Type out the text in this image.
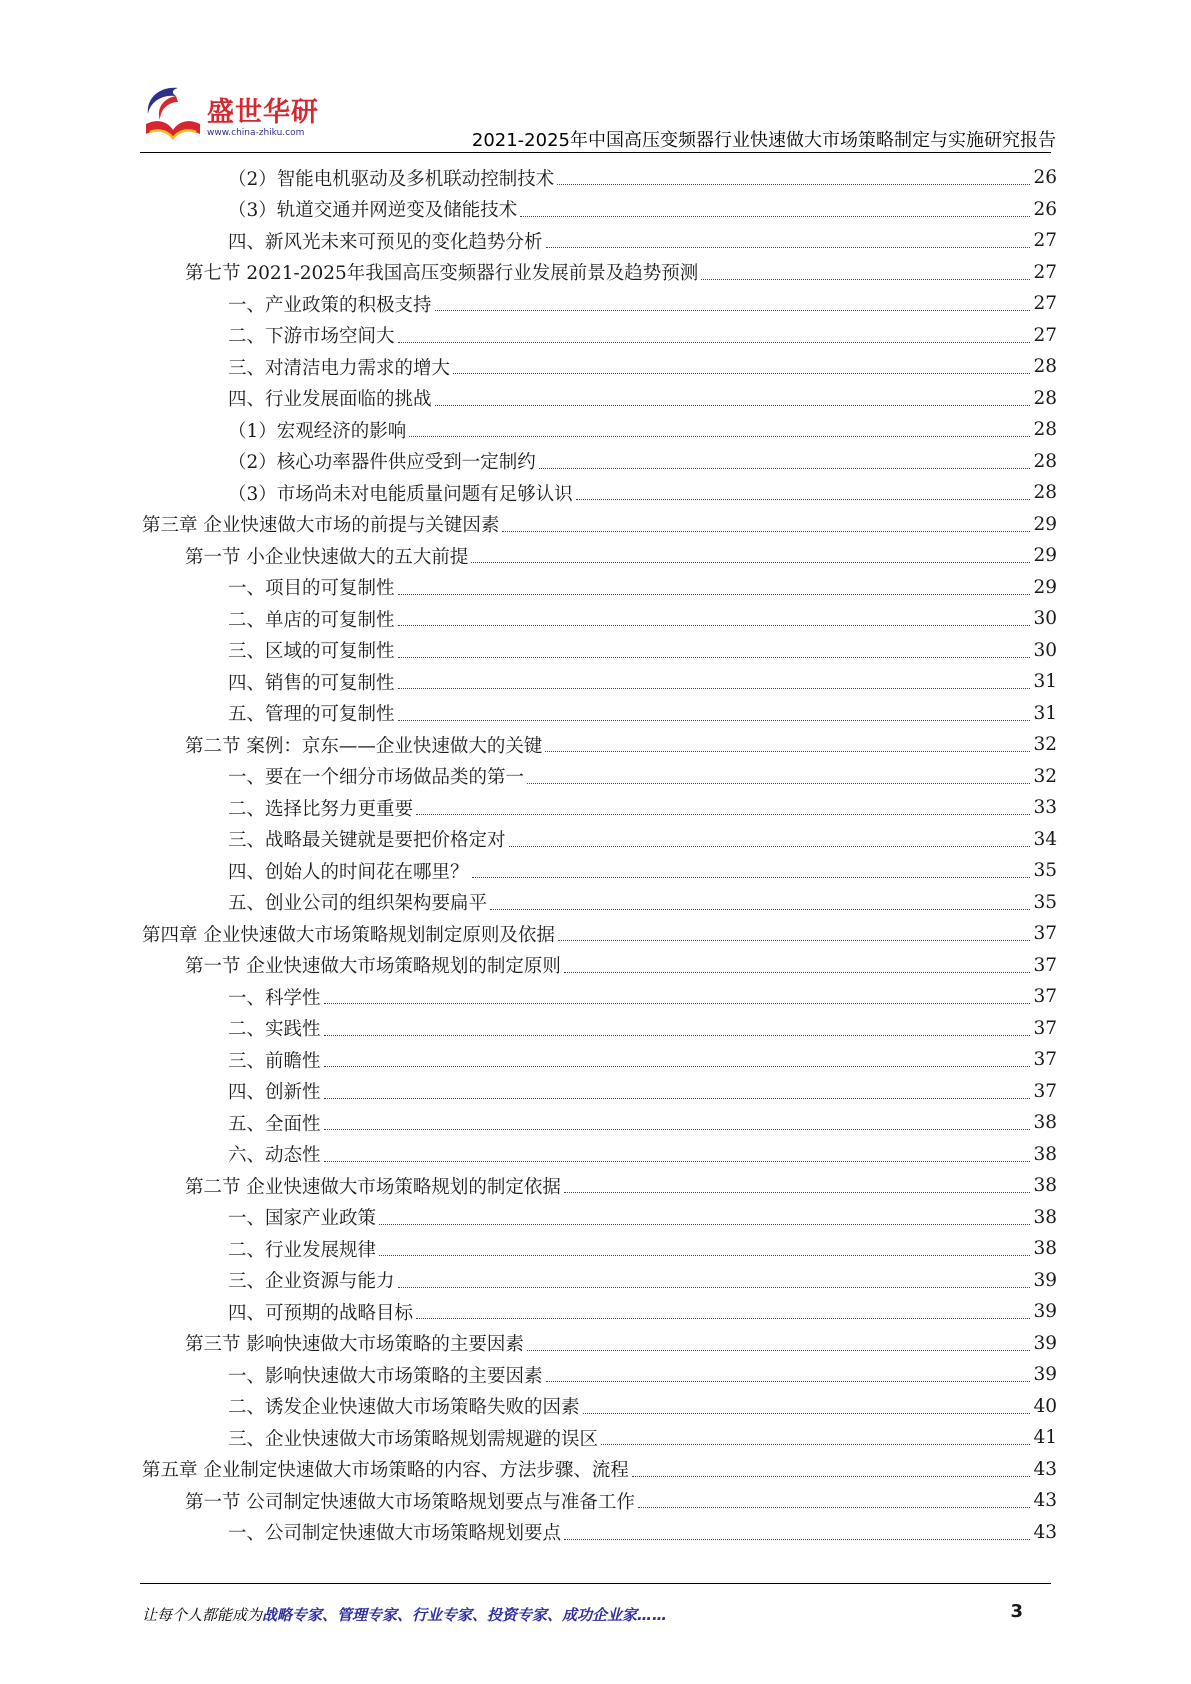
盛世华研
www.china-zhiku.com	2021-2025年中国高压变频器行业快速做大市场策略制定与实施研究报告
（2）智能电机驱动及多机联动控制技术	26
（3）轨道交通并网逆变及储能技术	26
四、新风光未来可预见的变化趋势分析	27
第七节 2021-2025年我国高压变频器行业发展前景及趋势预测	27
一、产业政策的积极支持	27
二、下游市场空间大	27
三、对清洁电力需求的增大	28
四、行业发展面临的挑战	28
（1）宏观经济的影响	28
（2）核心功率器件供应受到一定制约	28
（3）市场尚未对电能质量问题有足够认识	28
第三章 企业快速做大市场的前提与关键因素	29
第一节 小企业快速做大的五大前提	29
一、项目的可复制性	29
二、单店的可复制性	30
三、区域的可复制性	30
四、销售的可复制性	31
五、管理的可复制性	31
第二节 案例：京东——企业快速做大的关键	32
一、要在一个细分市场做品类的第一	32
二、选择比努力更重要	33
三、战略最关键就是要把价格定对	34
四、创始人的时间花在哪里？	35
五、创业公司的组织架构要扁平	35
第四章 企业快速做大市场策略规划制定原则及依据	37
第一节 企业快速做大市场策略规划的制定原则	37
一、科学性	37
二、实践性	37
三、前瞻性	37
四、创新性	37
五、全面性	38
六、动态性	38
第二节 企业快速做大市场策略规划的制定依据	38
一、国家产业政策	38
二、行业发展规律	38
三、企业资源与能力	39
四、可预期的战略目标	39
第三节 影响快速做大市场策略的主要因素	39
一、影响快速做大市场策略的主要因素	39
二、诱发企业快速做大市场策略失败的因素	40
三、企业快速做大市场策略规划需规避的误区	41
第五章 企业制定快速做大市场策略的内容、方法步骤、流程	43
第一节 公司制定快速做大市场策略规划要点与准备工作	43
一、公司制定快速做大市场策略规划要点	43
让每个人都能成为战略专家、管理专家、行业专家、投资专家、成功企业家……	3
